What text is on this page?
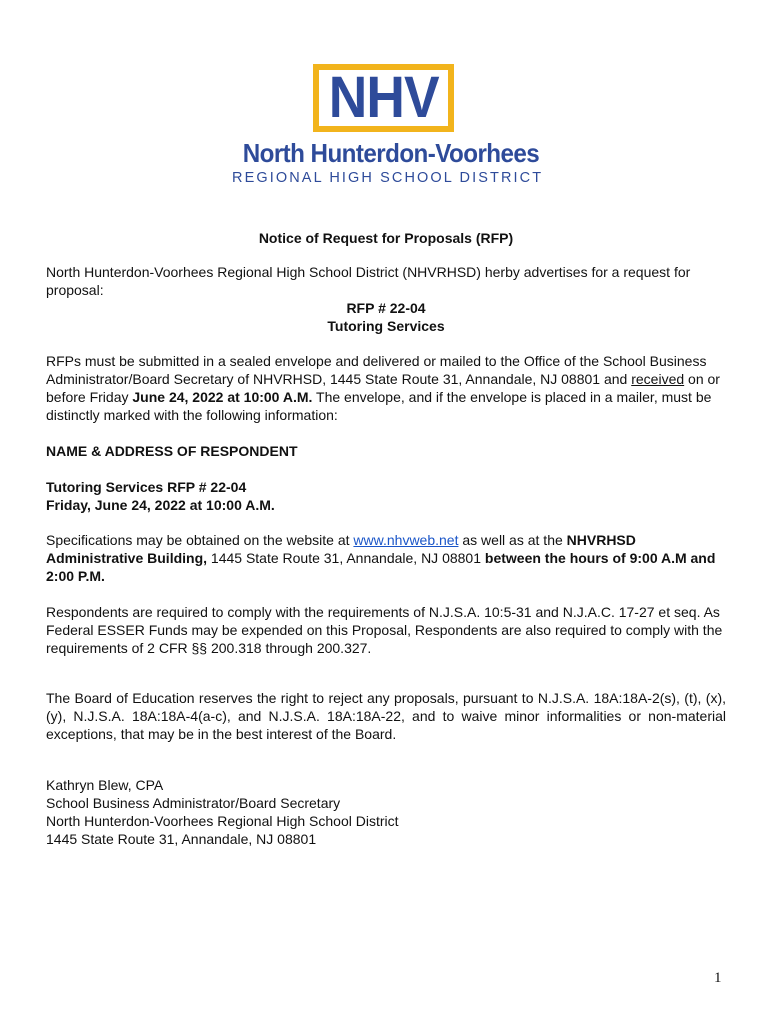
NHV
North Hunterdon-Voorhees
REGIONAL HIGH SCHOOL DISTRICT

Notice of Request for Proposals (RFP)

North Hunterdon-Voorhees Regional High School District (NHVRHSD) herby advertises for a request for proposal:

RFP # 22-04

Tutoring Services

RFPs must be submitted in a sealed envelope and delivered or mailed to the Office of the School Business Administrator/Board Secretary of NHVRHSD, 1445 State Route 31, Annandale, NJ 08801 and received on or before Friday June 24, 2022 at 10:00 A.M. The envelope, and if the envelope is placed in a mailer, must be distinctly marked with the following information:

NAME & ADDRESS OF RESPONDENT

Tutoring Services RFP # 22-04

Friday, June 24, 2022 at 10:00 A.M.

Specifications may be obtained on the website at www.nhvweb.net as well as at the NHVRHSD Administrative Building, 1445 State Route 31, Annandale, NJ 08801 between the hours of 9:00 A.M and 2:00 P.M.

Respondents are required to comply with the requirements of N.J.S.A. 10:5-31 and N.J.A.C. 17-27 et seq. As Federal ESSER Funds may be expended on this Proposal, Respondents are also required to comply with the requirements of 2 CFR §§ 200.318 through 200.327.

The Board of Education reserves the right to reject any proposals, pursuant to N.J.S.A. 18A:18A-2(s), (t), (x), (y), N.J.S.A. 18A:18A-4(a-c), and N.J.S.A. 18A:18A-22, and to waive minor informalities or non-material exceptions, that may be in the best interest of the Board.

Kathryn Blew, CPA

School Business Administrator/Board Secretary

North Hunterdon-Voorhees Regional High School District

1445 State Route 31, Annandale, NJ 08801

1
